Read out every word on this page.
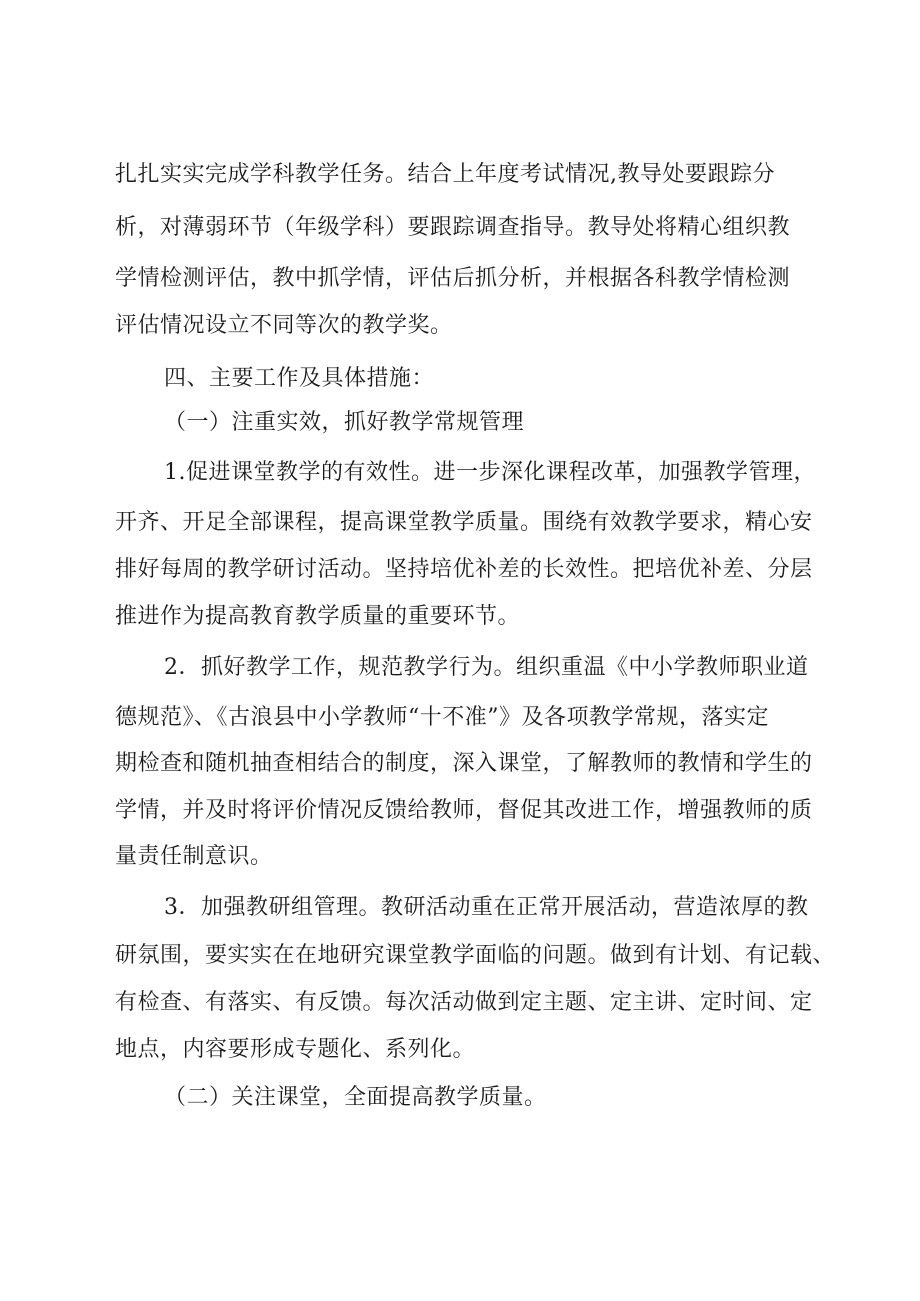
扎扎实实完成学科教学任务。结合上年度考试情况,教导处要跟踪分
析，对薄弱环节（年级学科）要跟踪调查指导。教导处将精心组织教
学情检测评估，教中抓学情，评估后抓分析，并根据各科教学情检测
评估情况设立不同等次的教学奖。
四、主要工作及具体措施：
（一）注重实效，抓好教学常规管理
1.促进课堂教学的有效性。进一步深化课程改革，加强教学管理，
开齐、开足全部课程，提高课堂教学质量。围绕有效教学要求，精心安
排好每周的教学研讨活动。坚持培优补差的长效性。把培优补差、分层
推进作为提高教育教学质量的重要环节。
2．抓好教学工作，规范教学行为。组织重温《中小学教师职业道
德规范》、《古浪县中小学教师“十不准”》及各项教学常规，落实定
期检查和随机抽查相结合的制度，深入课堂，了解教师的教情和学生的
学情，并及时将评价情况反馈给教师，督促其改进工作，增强教师的质
量责任制意识。
3．加强教研组管理。教研活动重在正常开展活动，营造浓厚的教
研氛围，要实实在在地研究课堂教学面临的问题。做到有计划、有记载、
有检查、有落实、有反馈。每次活动做到定主题、定主讲、定时间、定
地点，内容要形成专题化、系列化。
（二）关注课堂，全面提高教学质量。
